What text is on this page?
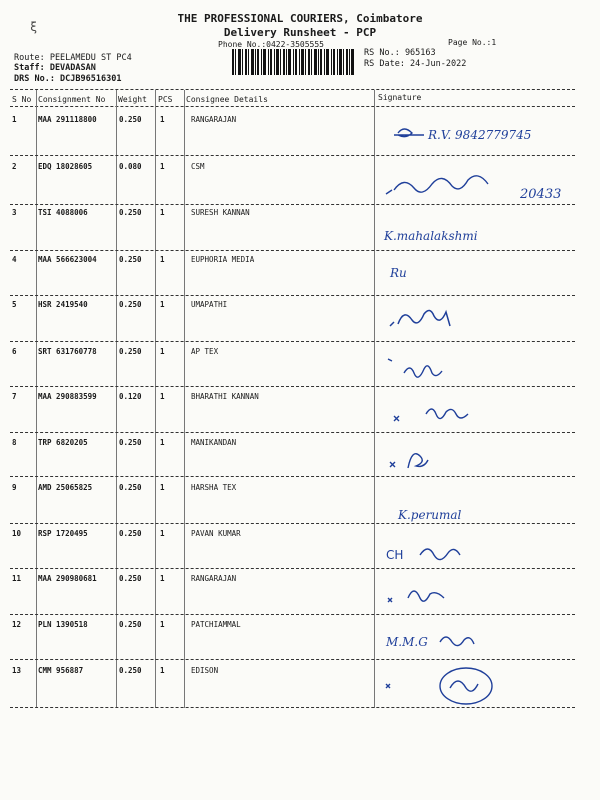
ξ
THE PROFESSIONAL COURIERS, Coimbatore
Delivery Runsheet - PCP
Phone No.:0422-3505555	Page No.:1
Route: PEELAMEDU ST PC4
Staff: DEVADASAN
DRS No.: DCJB96516301
RS No.: 965163
RS Date: 24-Jun-2022
S No Consignment No Weight PCS Consignee Details	Signature
1	MAA 291118800	0.250 1	RANGARAJAN
R.V. 9842779745
2	EDQ 18028605	0.080 1	CSM
20433
3	TSI 4088006	0.250 1	SURESH KANNAN
K.mahalakshmi
4	MAA 566623004	0.250 1	EUPHORIA MEDIA
Ru
5	HSR 2419540	0.250 1	UMAPATHI
6	SRT 631760778	0.250 1	AP TEX
7	MAA 290883599	0.120 1	BHARATHI KANNAN
8	TRP 6820205	0.250 1	MANIKANDAN
9	AMD 25065825	0.250 1	HARSHA TEX
K.perumal
10 RSP 1720495	0.250 1	PAVAN KUMAR
CH
11 MAA 290980681	0.250 1	RANGARAJAN
12 PLN 1390518	0.250 1	PATCHIAMMAL
M.M.G
13 CMM 956887	0.250 1	EDISON
